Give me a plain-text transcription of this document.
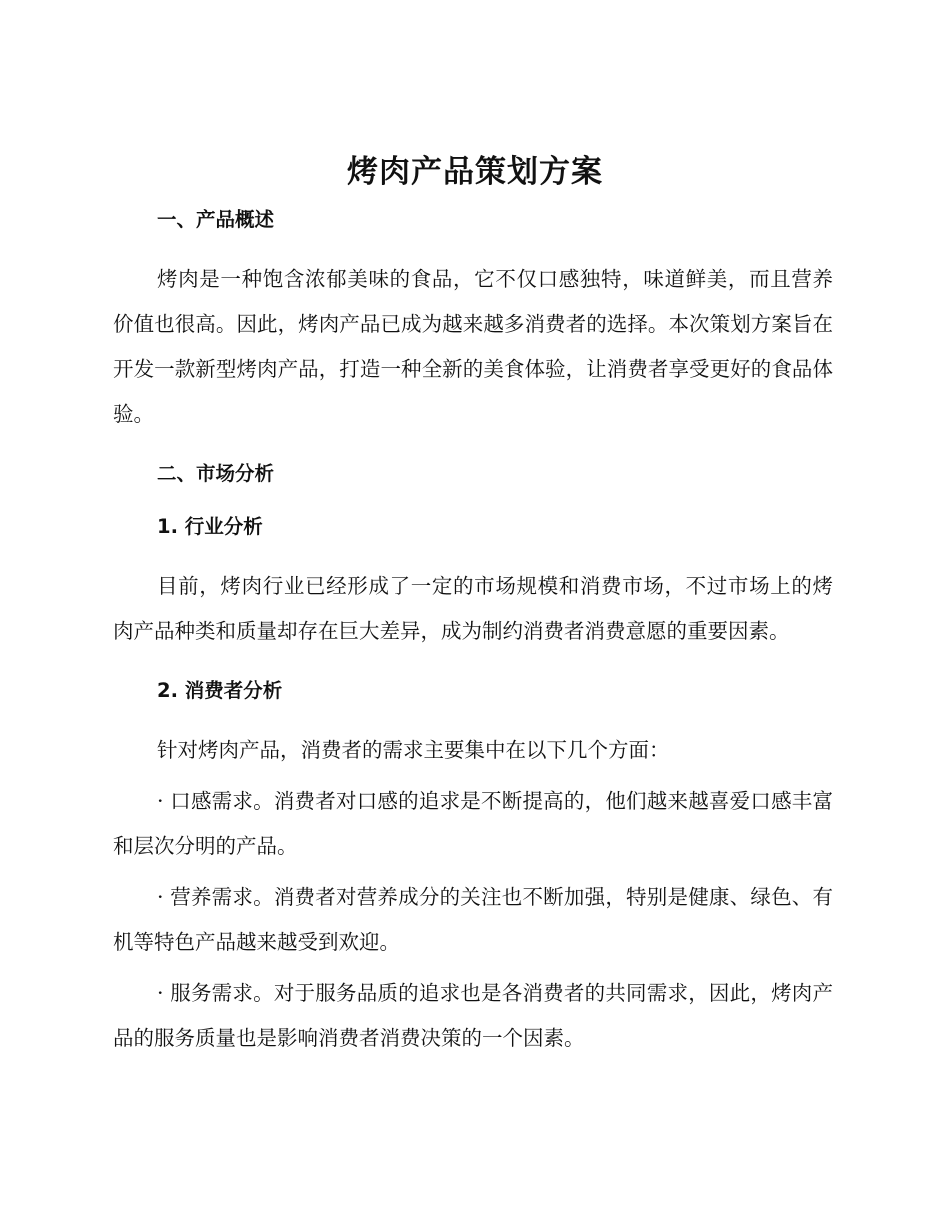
烤肉产品策划方案
一、产品概述

烤肉是一种饱含浓郁美味的食品，它不仅口感独特，味道鲜美，而且营养价值也很高。因此，烤肉产品已成为越来越多消费者的选择。本次策划方案旨在开发一款新型烤肉产品，打造一种全新的美食体验，让消费者享受更好的食品体验。

二、市场分析
1. 行业分析

目前，烤肉行业已经形成了一定的市场规模和消费市场，不过市场上的烤肉产品种类和质量却存在巨大差异，成为制约消费者消费意愿的重要因素。

2. 消费者分析

针对烤肉产品，消费者的需求主要集中在以下几个方面：

· 口感需求。消费者对口感的追求是不断提高的，他们越来越喜爱口感丰富和层次分明的产品。

· 营养需求。消费者对营养成分的关注也不断加强，特别是健康、绿色、有机等特色产品越来越受到欢迎。

· 服务需求。对于服务品质的追求也是各消费者的共同需求，因此，烤肉产品的服务质量也是影响消费者消费决策的一个因素。
